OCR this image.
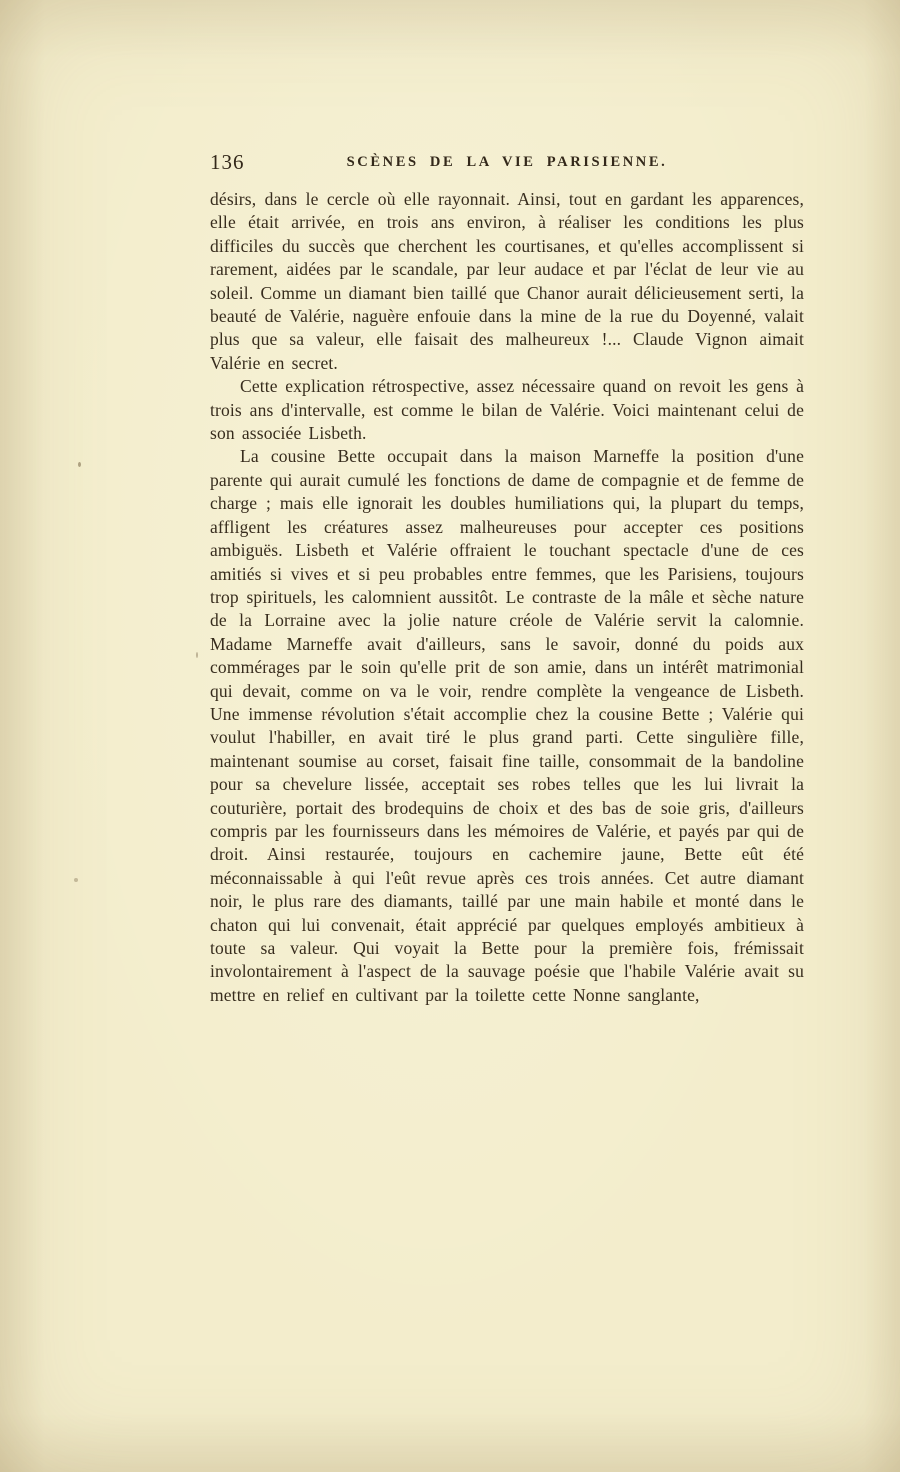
136	SCÈNES DE LA VIE PARISIENNE.

désirs, dans le cercle où elle rayonnait. Ainsi, tout en gardant les apparences, elle était arrivée, en trois ans environ, à réaliser les conditions les plus difficiles du succès que cherchent les courtisanes, et qu'elles accomplissent si rarement, aidées par le scandale, par leur audace et par l'éclat de leur vie au soleil. Comme un diamant bien taillé que Chanor aurait délicieusement serti, la beauté de Valérie, naguère enfouie dans la mine de la rue du Doyenné, valait plus que sa valeur, elle faisait des malheureux !... Claude Vignon aimait Valérie en secret.

Cette explication rétrospective, assez nécessaire quand on revoit les gens à trois ans d'intervalle, est comme le bilan de Valérie. Voici maintenant celui de son associée Lisbeth.

La cousine Bette occupait dans la maison Marneffe la position d'une parente qui aurait cumulé les fonctions de dame de compagnie et de femme de charge ; mais elle ignorait les doubles humiliations qui, la plupart du temps, affligent les créatures assez malheureuses pour accepter ces positions ambiguës. Lisbeth et Valérie offraient le touchant spectacle d'une de ces amitiés si vives et si peu probables entre femmes, que les Parisiens, toujours trop spirituels, les calomnient aussitôt. Le contraste de la mâle et sèche nature de la Lorraine avec la jolie nature créole de Valérie servit la calomnie. Madame Marneffe avait d'ailleurs, sans le savoir, donné du poids aux commérages par le soin qu'elle prit de son amie, dans un intérêt matrimonial qui devait, comme on va le voir, rendre complète la vengeance de Lisbeth. Une immense révolution s'était accomplie chez la cousine Bette ; Valérie qui voulut l'habiller, en avait tiré le plus grand parti. Cette singulière fille, maintenant soumise au corset, faisait fine taille, consommait de la bandoline pour sa chevelure lissée, acceptait ses robes telles que les lui livrait la couturière, portait des brodequins de choix et des bas de soie gris, d'ailleurs compris par les fournisseurs dans les mémoires de Valérie, et payés par qui de droit. Ainsi restaurée, toujours en cachemire jaune, Bette eût été méconnaissable à qui l'eût revue après ces trois années. Cet autre diamant noir, le plus rare des diamants, taillé par une main habile et monté dans le chaton qui lui convenait, était apprécié par quelques employés ambitieux à toute sa valeur. Qui voyait la Bette pour la première fois, frémissait involontairement à l'aspect de la sauvage poésie que l'habile Valérie avait su mettre en relief en cultivant par la toilette cette Nonne sanglante,
